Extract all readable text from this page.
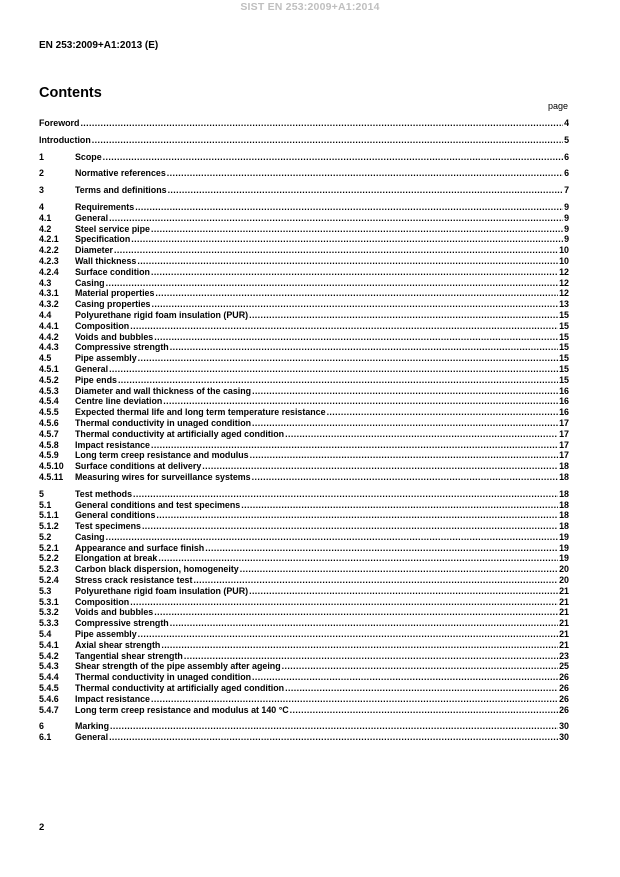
SIST EN 253:2009+A1:2014
EN 253:2009+A1:2013 (E)
Contents
page
Foreword .....	4
Introduction .....	5
1	Scope .....	6
2	Normative references .....	6
3	Terms and definitions .....	7
4	Requirements .....	9
4.1	General .....	9
4.2	Steel service pipe .....	9
4.2.1 Specification .....	9
4.2.2 Diameter .....	10
4.2.3 Wall thickness .....	10
4.2.4 Surface condition .....	12
4.3	Casing .....	12
4.3.1 Material properties .....	12
4.3.2 Casing properties .....	13
4.4	Polyurethane rigid foam insulation (PUR) .....	15
4.4.1 Composition .....	15
4.4.2 Voids and bubbles .....	15
4.4.3 Compressive strength .....	15
4.5	Pipe assembly .....	15
4.5.1 General .....	15
4.5.2 Pipe ends .....	15
4.5.3 Diameter and wall thickness of the casing .....	16
4.5.4 Centre line deviation .....	16
4.5.5 Expected thermal life and long term temperature resistance .....	16
4.5.6 Thermal conductivity in unaged condition .....	17
4.5.7 Thermal conductivity at artificially aged condition .....	17
4.5.8 Impact resistance .....	17
4.5.9 Long term creep resistance and modulus .....	17
4.5.10 Surface conditions at delivery .....	18
4.5.11 Measuring wires for surveillance systems .....	18
5	Test methods .....	18
5.1	General conditions and test specimens .....	18
5.1.1 General conditions .....	18
5.1.2 Test specimens .....	18
5.2	Casing .....	19
5.2.1 Appearance and surface finish .....	19
5.2.2 Elongation at break .....	19
5.2.3 Carbon black dispersion, homogeneity .....	20
5.2.4 Stress crack resistance test .....	20
5.3	Polyurethane rigid foam insulation (PUR) .....	21
5.3.1 Composition .....	21
5.3.2 Voids and bubbles .....	21
5.3.3 Compressive strength .....	21
5.4	Pipe assembly .....	21
5.4.1 Axial shear strength .....	21
5.4.2 Tangential shear strength .....	23
5.4.3 Shear strength of the pipe assembly after ageing .....	25
5.4.4 Thermal conductivity in unaged condition .....	26
5.4.5 Thermal conductivity at artificially aged condition .....	26
5.4.6 Impact resistance .....	26
5.4.7 Long term creep resistance and modulus at 140 °C .....	26
6	Marking .....	30
6.1	General .....	30
2
